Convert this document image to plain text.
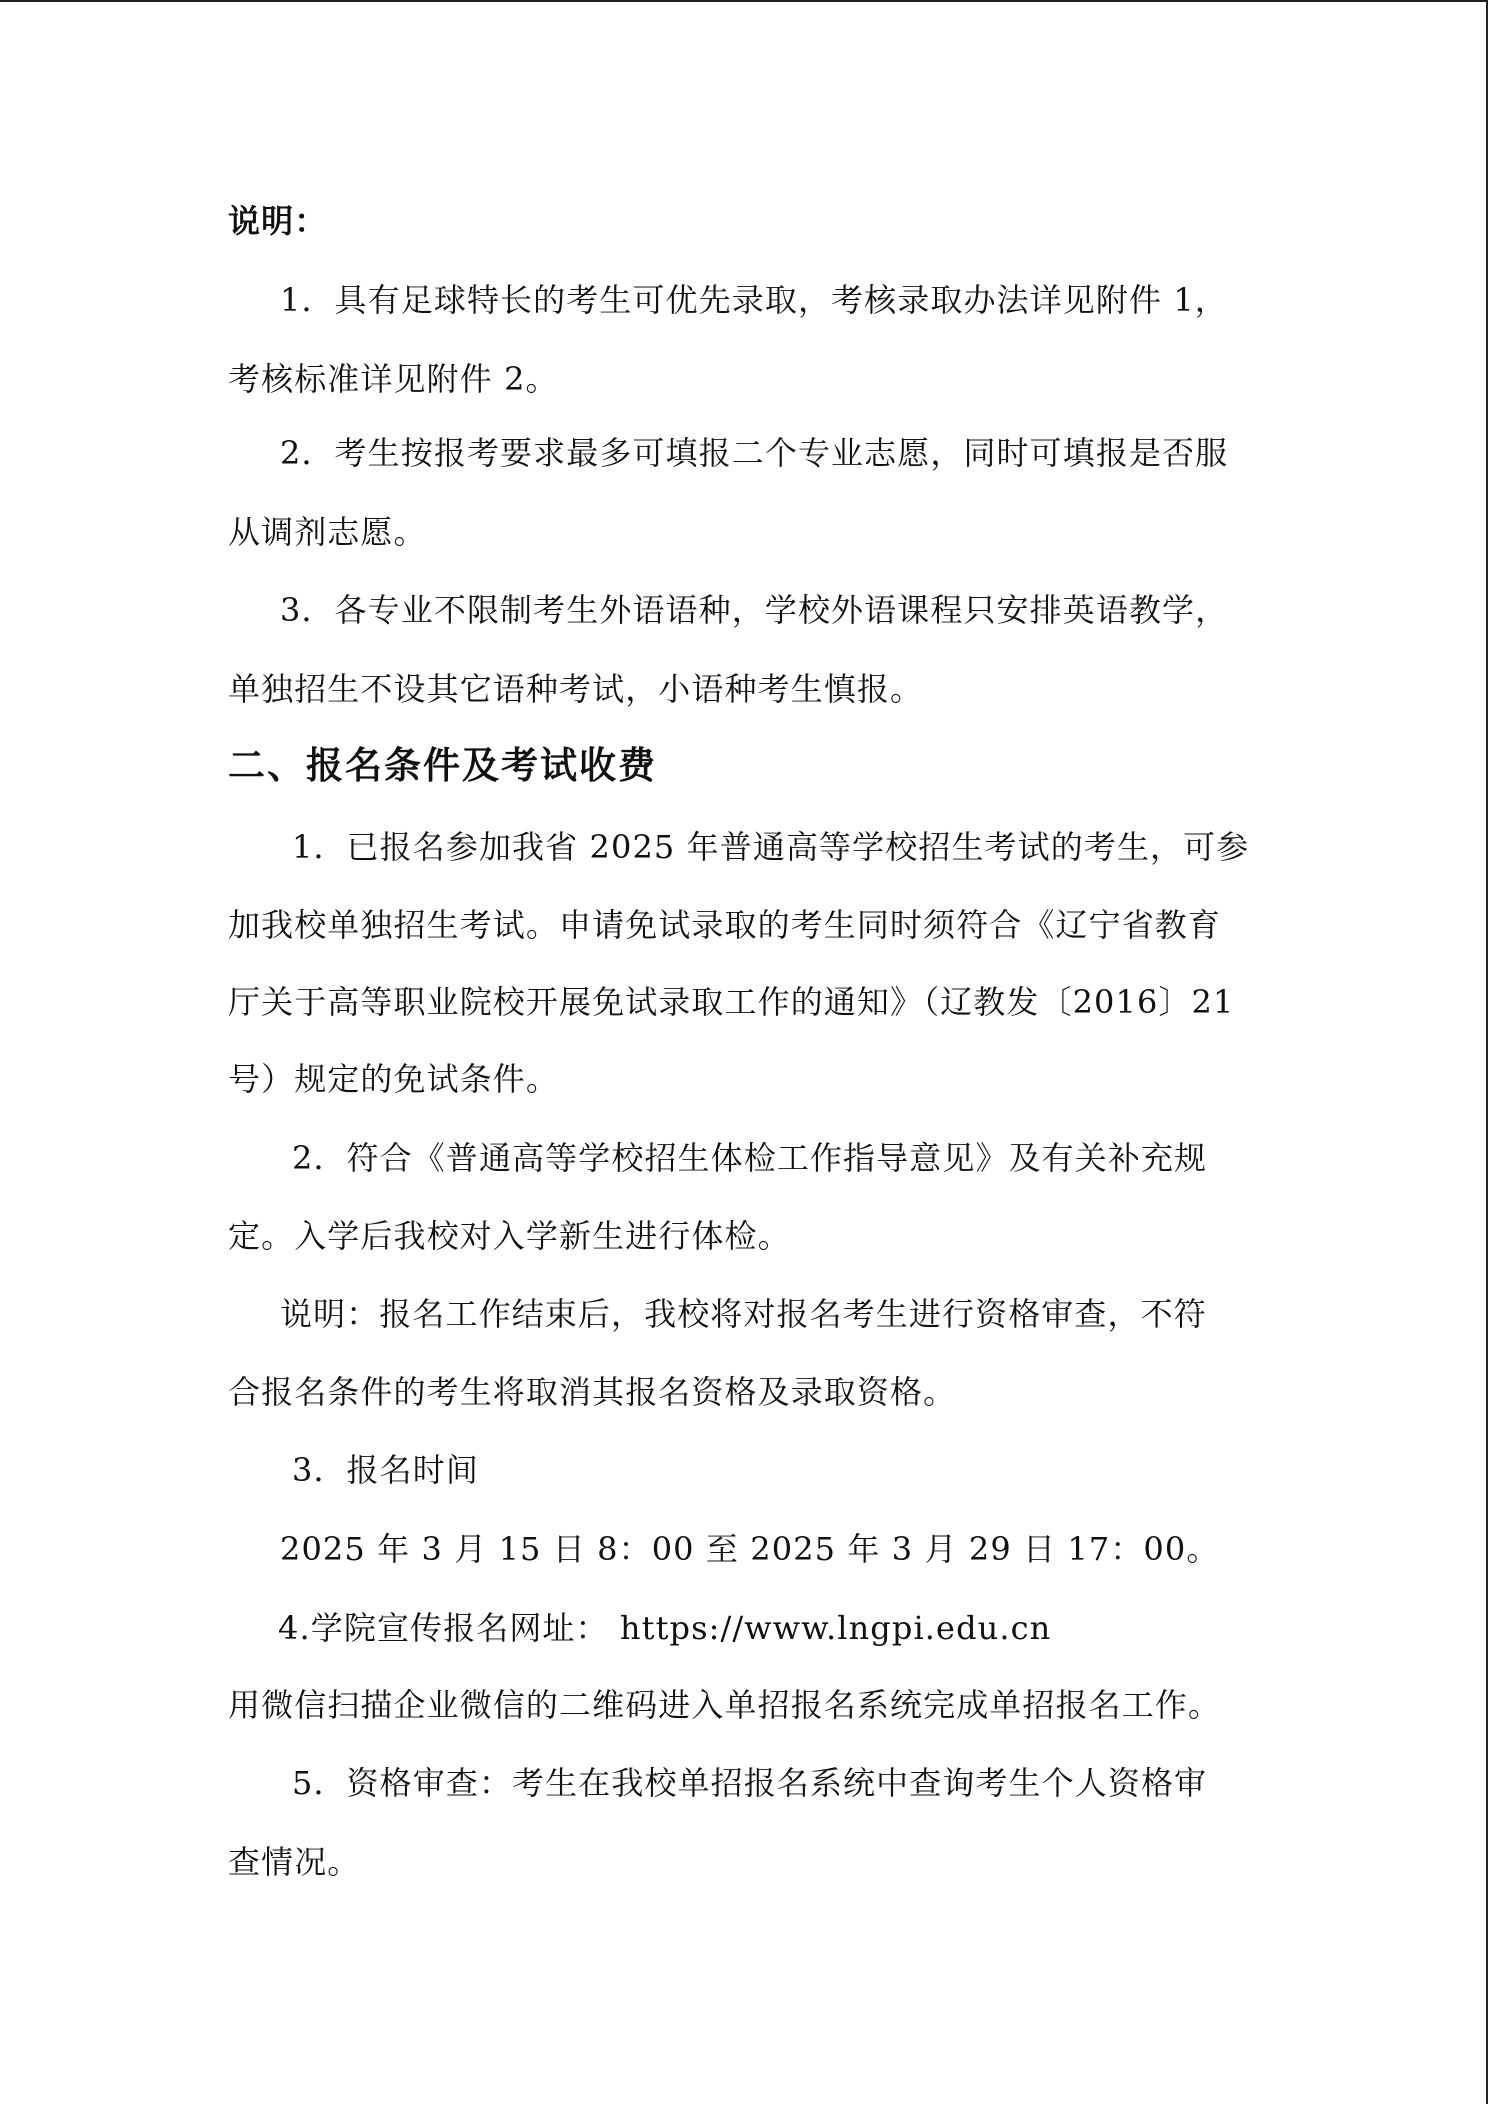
说明：
1．具有足球特长的考生可优先录取，考核录取办法详见附件 1，
考核标准详见附件 2。
2．考生按报考要求最多可填报二个专业志愿，同时可填报是否服
从调剂志愿。
3．各专业不限制考生外语语种，学校外语课程只安排英语教学，
单独招生不设其它语种考试，小语种考生慎报。
二、报名条件及考试收费
1．已报名参加我省 2025 年普通高等学校招生考试的考生，可参
加我校单独招生考试。申请免试录取的考生同时须符合《辽宁省教育
厅关于高等职业院校开展免试录取工作的通知》（辽教发〔2016〕21
号）规定的免试条件。
2．符合《普通高等学校招生体检工作指导意见》及有关补充规
定。入学后我校对入学新生进行体检。
说明：报名工作结束后，我校将对报名考生进行资格审查，不符
合报名条件的考生将取消其报名资格及录取资格。
3．报名时间
2025 年 3 月 15 日 8：00 至 2025 年 3 月 29 日 17：00。
4.学院宣传报名网址： https://www.lngpi.edu.cn
用微信扫描企业微信的二维码进入单招报名系统完成单招报名工作。
5．资格审查：考生在我校单招报名系统中查询考生个人资格审
查情况。
